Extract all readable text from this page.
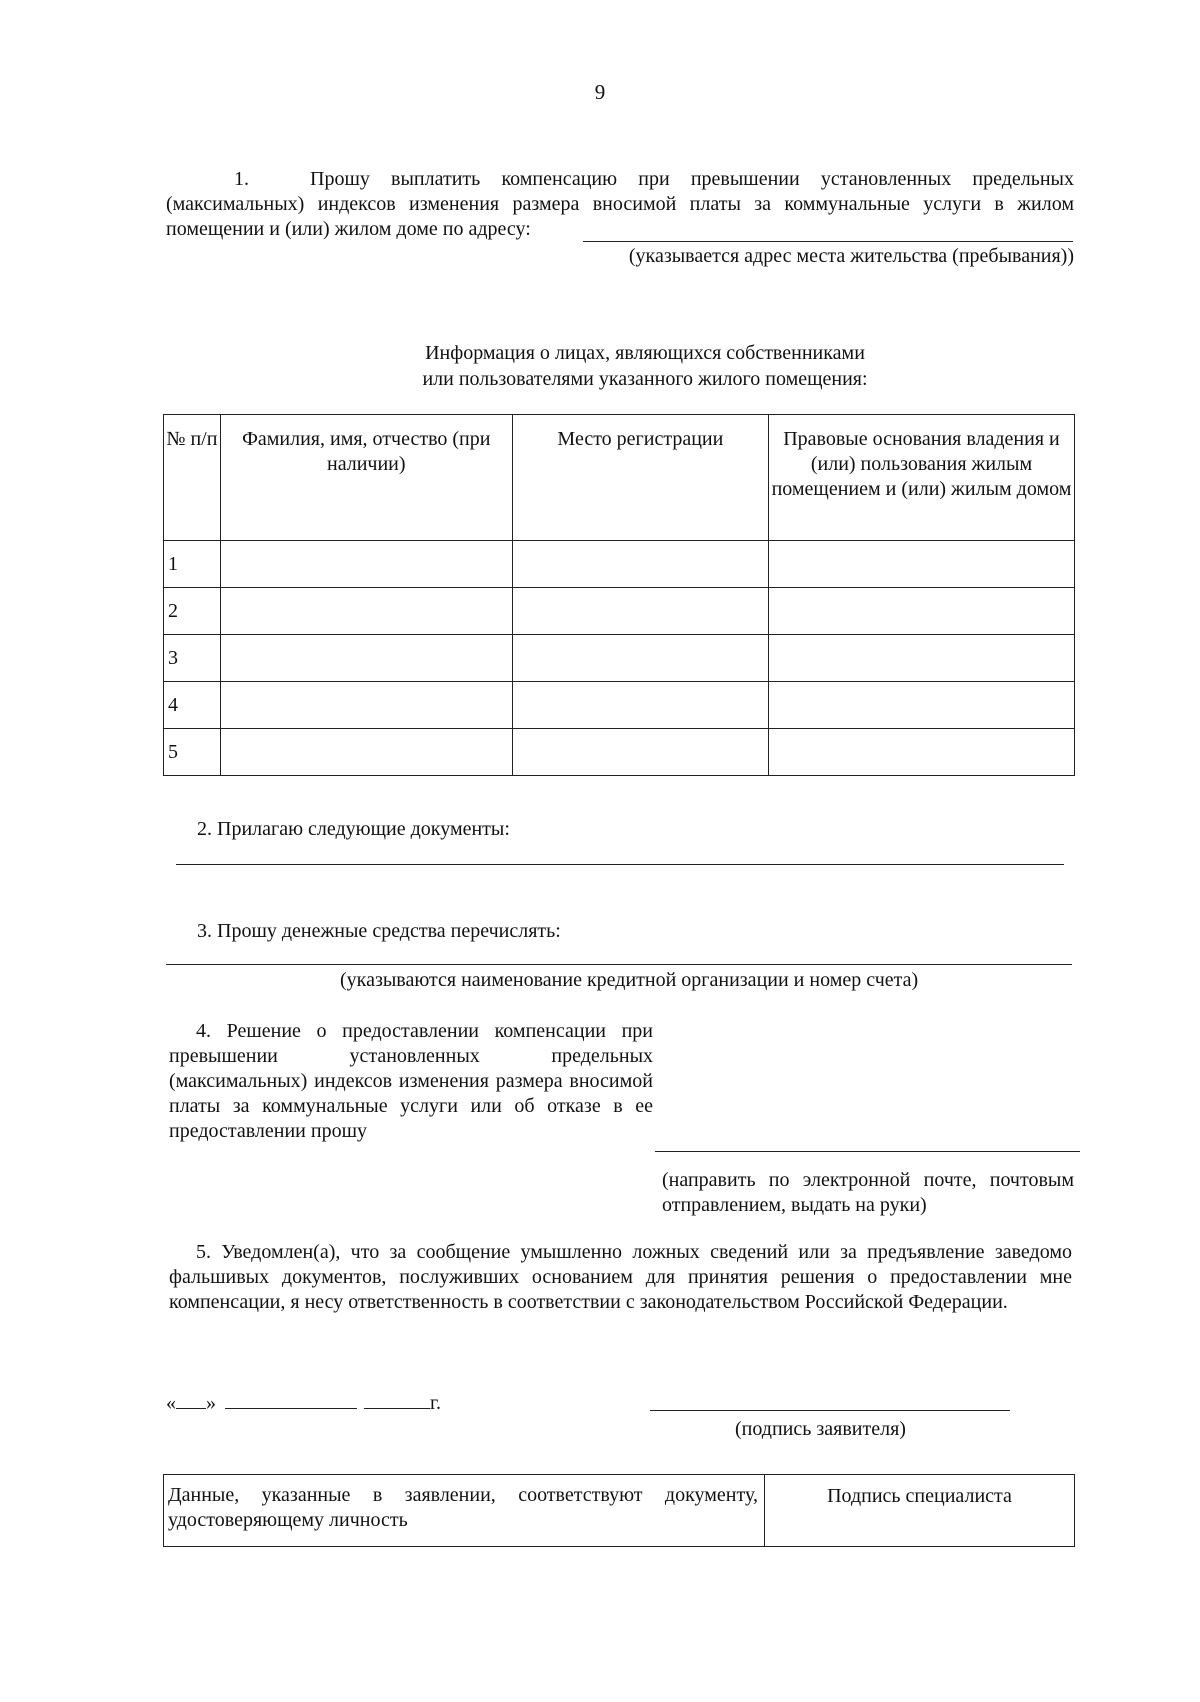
9
1.	Прошу выплатить компенсацию при превышении установленных предельных (максимальных) индексов изменения размера вносимой платы за коммунальные услуги в жилом помещении и (или) жилом доме по адресу:
(указывается адрес места жительства (пребывания))
Информация о лицах, являющихся собственниками
или пользователями указанного жилого помещения:
№ п/п	Фамилия, имя, отчество (при наличии)	Место регистрации	Правовые основания владения и (или) пользования жилым помещением и (или) жилым домом
1			
2			
3			
4			
5			
2. Прилагаю следующие документы:
3. Прошу денежные средства перечислять:
(указываются наименование кредитной организации и номер счета)
4. Решение о предоставлении компенсации при превышении установленных предельных (максимальных) индексов изменения размера вносимой платы за коммунальные услуги или об отказе в ее предоставлении прошу
(направить по электронной почте, почтовым отправлением, выдать на руки)
5. Уведомлен(а), что за сообщение умышленно ложных сведений или за предъявление заведомо фальшивых документов, послуживших основанием для принятия решения о предоставлении мне компенсации, я несу ответственность в соответствии с законодательством Российской Федерации.
« »	г.
(подпись заявителя)
Данные, указанные в заявлении, соответствуют документу, удостоверяющему личность	Подпись специалиста
